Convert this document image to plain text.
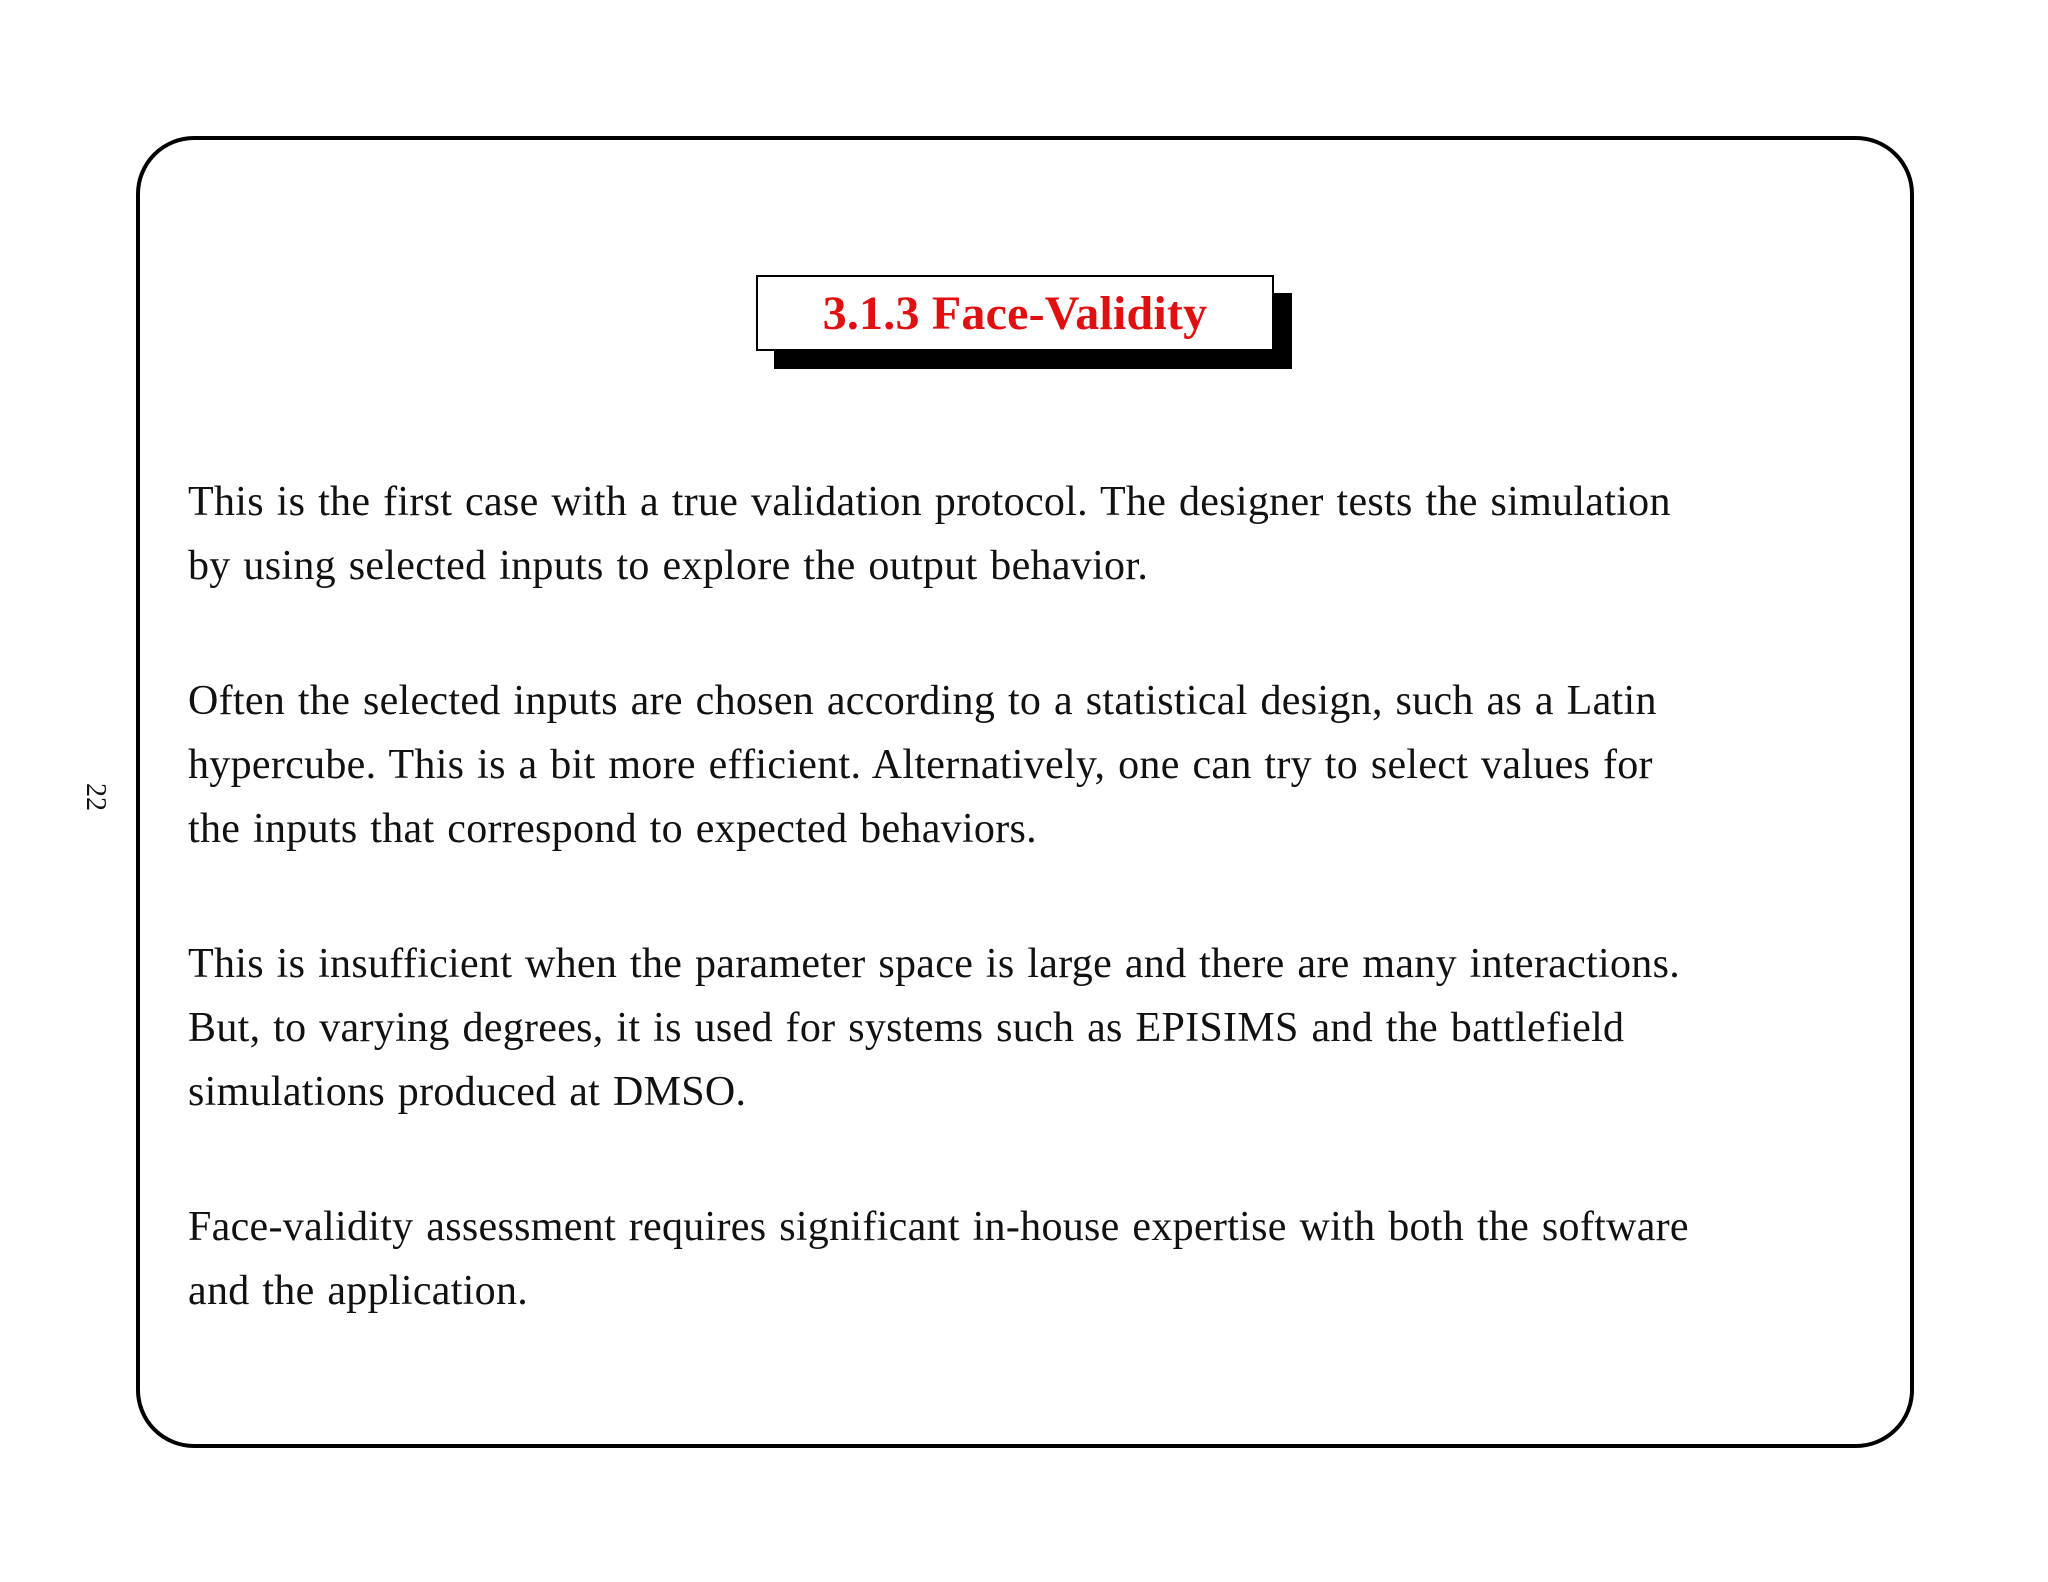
22
3.1.3 Face-Validity

This is the first case with a true validation protocol. The designer tests the simulation
by using selected inputs to explore the output behavior.

Often the selected inputs are chosen according to a statistical design, such as a Latin
hypercube. This is a bit more efficient. Alternatively, one can try to select values for
the inputs that correspond to expected behaviors.

This is insufficient when the parameter space is large and there are many interactions.
But, to varying degrees, it is used for systems such as EPISIMS and the battlefield
simulations produced at DMSO.

Face-validity assessment requires significant in-house expertise with both the software
and the application.
